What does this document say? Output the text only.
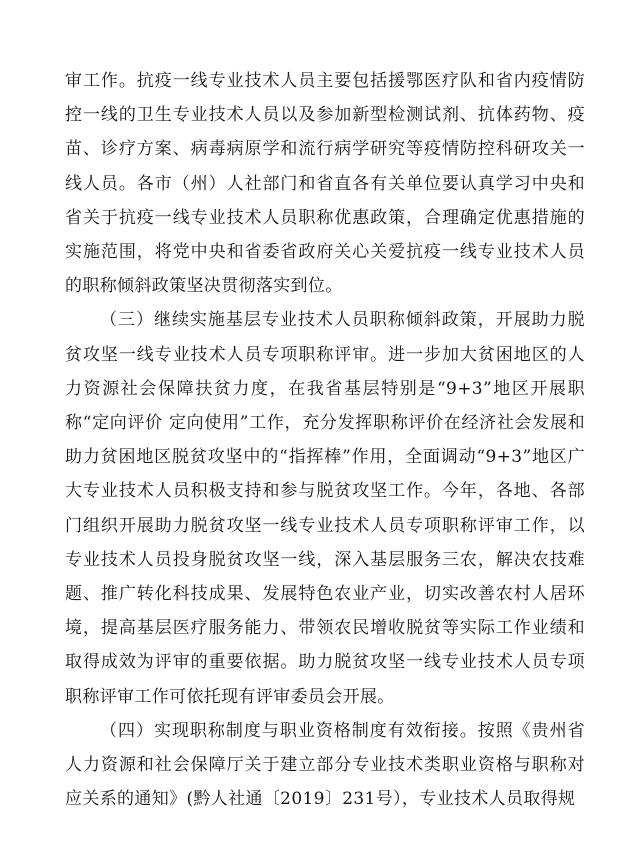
审工作。抗疫一线专业技术人员主要包括援鄂医疗队和省内疫情防控一线的卫生专业技术人员以及参加新型检测试剂、抗体药物、疫苗、诊疗方案、病毒病原学和流行病学研究等疫情防控科研攻关一线人员。各市（州）人社部门和省直各有关单位要认真学习中央和省关于抗疫一线专业技术人员职称优惠政策，合理确定优惠措施的实施范围，将党中央和省委省政府关心关爱抗疫一线专业技术人员的职称倾斜政策坚决贯彻落实到位。

（三）继续实施基层专业技术人员职称倾斜政策，开展助力脱贫攻坚一线专业技术人员专项职称评审。进一步加大贫困地区的人力资源社会保障扶贫力度，在我省基层特别是“9+3”地区开展职称“定向评价 定向使用”工作，充分发挥职称评价在经济社会发展和助力贫困地区脱贫攻坚中的“指挥棒”作用，全面调动“9+3”地区广大专业技术人员积极支持和参与脱贫攻坚工作。今年，各地、各部门组织开展助力脱贫攻坚一线专业技术人员专项职称评审工作，以专业技术人员投身脱贫攻坚一线，深入基层服务三农，解决农技难题、推广转化科技成果、发展特色农业产业，切实改善农村人居环境，提高基层医疗服务能力、带领农民增收脱贫等实际工作业绩和取得成效为评审的重要依据。助力脱贫攻坚一线专业技术人员专项职称评审工作可依托现有评审委员会开展。

（四）实现职称制度与职业资格制度有效衔接。按照《贵州省人力资源和社会保障厅关于建立部分专业技术类职业资格与职称对应关系的通知》(黔人社通〔2019〕231号），专业技术人员取得规
